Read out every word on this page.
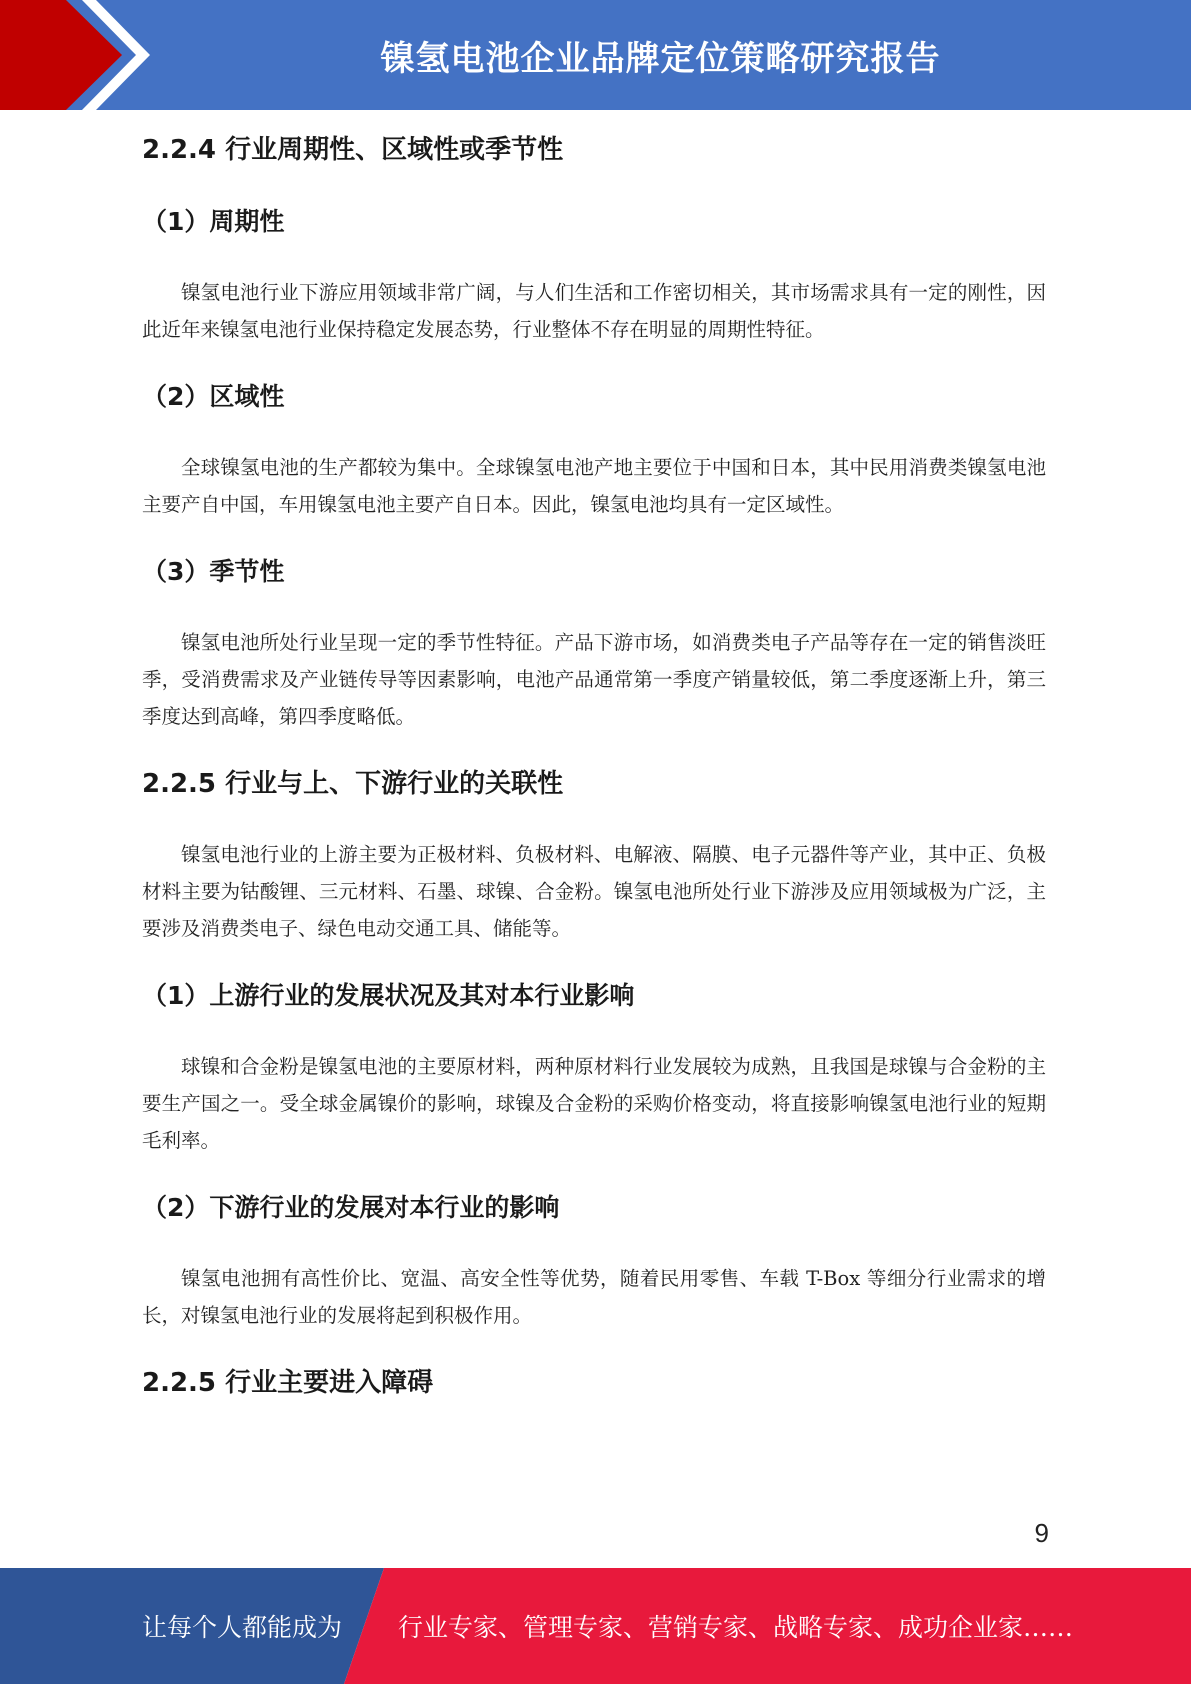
镍氢电池企业品牌定位策略研究报告
2.2.4 行业周期性、区域性或季节性
（1）周期性

镍氢电池行业下游应用领域非常广阔，与人们生活和工作密切相关，其市场需求具有一定的刚性，因此近年来镍氢电池行业保持稳定发展态势，行业整体不存在明显的周期性特征。

（2）区域性

全球镍氢电池的生产都较为集中。全球镍氢电池产地主要位于中国和日本，其中民用消费类镍氢电池主要产自中国，车用镍氢电池主要产自日本。因此，镍氢电池均具有一定区域性。

（3）季节性

镍氢电池所处行业呈现一定的季节性特征。产品下游市场，如消费类电子产品等存在一定的销售淡旺季，受消费需求及产业链传导等因素影响，电池产品通常第一季度产销量较低，第二季度逐渐上升，第三季度达到高峰，第四季度略低。

2.2.5 行业与上、下游行业的关联性

镍氢电池行业的上游主要为正极材料、负极材料、电解液、隔膜、电子元器件等产业，其中正、负极材料主要为钴酸锂、三元材料、石墨、球镍、合金粉。镍氢电池所处行业下游涉及应用领域极为广泛，主要涉及消费类电子、绿色电动交通工具、储能等。

（1）上游行业的发展状况及其对本行业影响

球镍和合金粉是镍氢电池的主要原材料，两种原材料行业发展较为成熟，且我国是球镍与合金粉的主要生产国之一。受全球金属镍价的影响，球镍及合金粉的采购价格变动，将直接影响镍氢电池行业的短期毛利率。

（2）下游行业的发展对本行业的影响

镍氢电池拥有高性价比、宽温、高安全性等优势，随着民用零售、车载 T-Box 等细分行业需求的增长，对镍氢电池行业的发展将起到积极作用。

2.2.5 行业主要进入障碍
9
让每个人都能成为 行业专家、管理专家、营销专家、战略专家、成功企业家……
